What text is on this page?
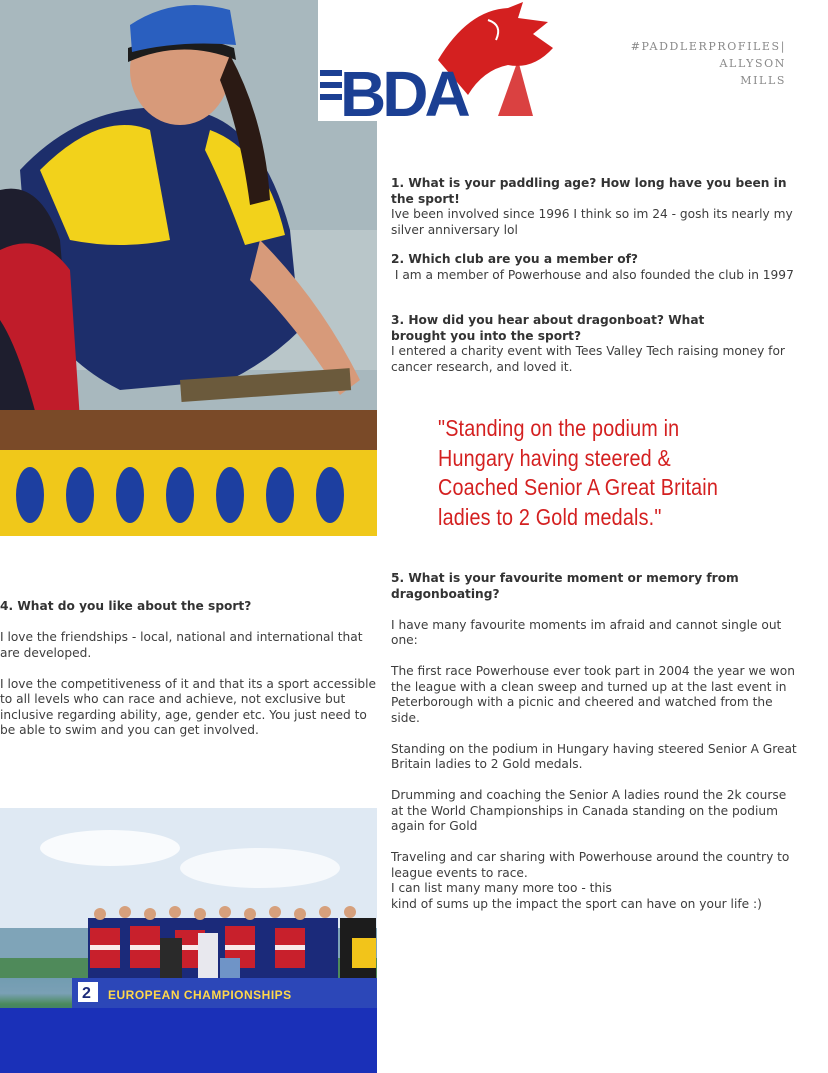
BDA
#PADDLERPROFILES| ALLYSON
MILLS
1. What is your paddling age? How long have you been in the sport!

Ive been involved since 1996 I think so im 24 - gosh its nearly my silver anniversary lol

2. Which club are you a member of?

I am a member of Powerhouse and also founded the club in 1997

3. How did you hear about dragonboat? What brought you into the sport?

I entered a charity event with Tees Valley Tech raising money for cancer research, and loved it.

"Standing on the podium in Hungary having steered & Coached Senior A Great Britain ladies to 2 Gold medals."
4. What do you like about the sport?

I love the friendships - local, national and international that are developed.

I love the competitiveness of it and that its a sport accessible to all levels who can race and achieve, not exclusive but inclusive regarding ability, age, gender etc. You just need to be able to swim and you can get involved.

5. What is your favourite moment or memory from dragonboating?

I have many favourite moments im afraid and cannot single out one:

The first race Powerhouse ever took part in 2004 the year we won the league with a clean sweep and turned up at the last event in Peterborough with a picnic and cheered and watched from the side.

Standing on the podium in Hungary having steered Senior A Great Britain ladies to 2 Gold medals.

Drumming and coaching the Senior A ladies round the 2k course at the World Championships in Canada standing on the podium again for Gold

Traveling and car sharing with Powerhouse around the country to league events to race.

I can list many many more too - this

kind of sums up the impact the sport can have on your life :)

2 EUROPEAN CHAMPIONSHIPS
